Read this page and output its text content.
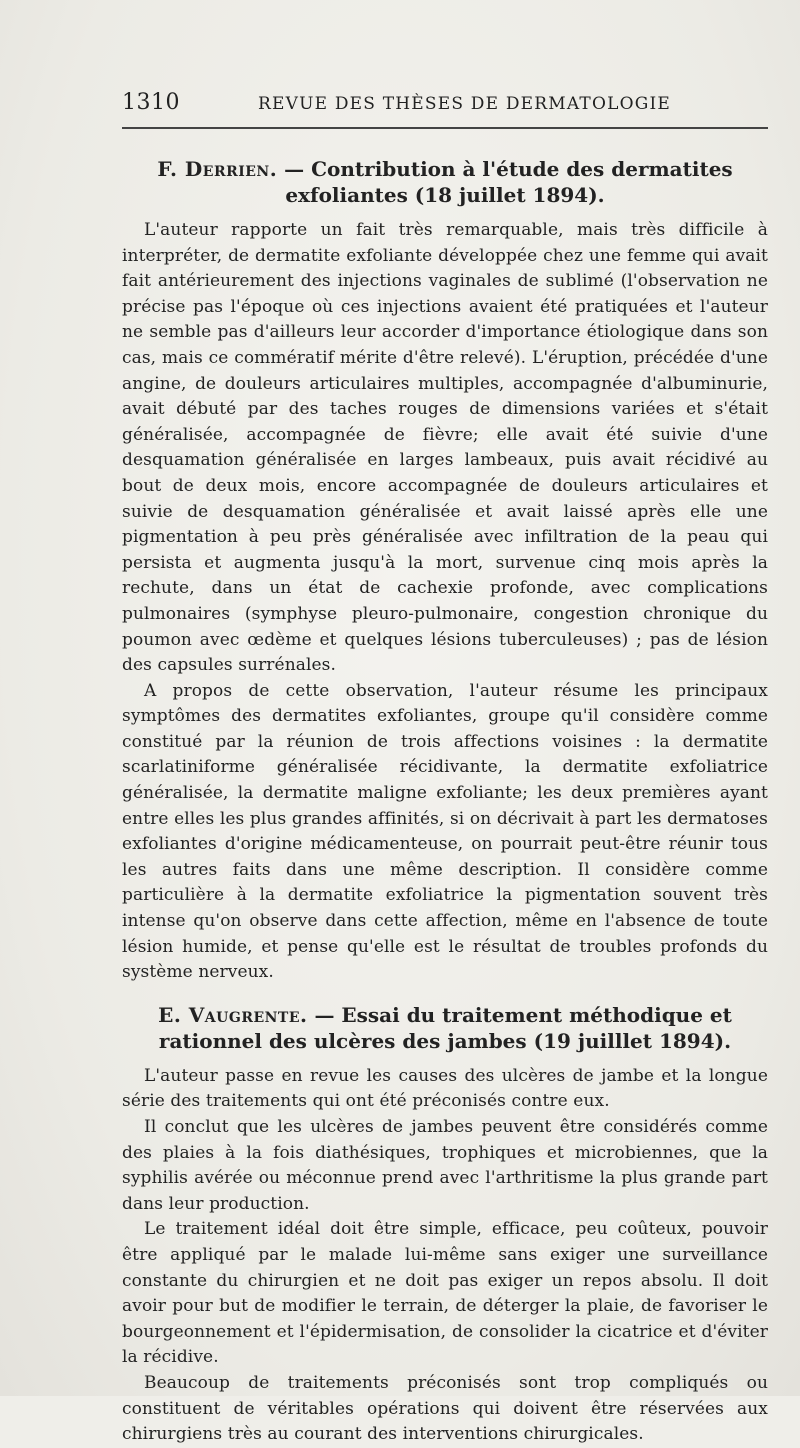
1310	REVUE DES THÈSES DE DERMATOLOGIE
F. Derrien. — Contribution à l'étude des dermatites exfoliantes (18 juillet 1894).

L'auteur rapporte un fait très remarquable, mais très difficile à interpréter, de dermatite exfoliante développée chez une femme qui avait fait antérieurement des injections vaginales de sublimé (l'observation ne précise pas l'époque où ces injections avaient été pratiquées et l'auteur ne semble pas d'ailleurs leur accorder d'importance étiologique dans son cas, mais ce commératif mérite d'être relevé). L'éruption, précédée d'une angine, de douleurs articulaires multiples, accompagnée d'albuminurie, avait débuté par des taches rouges de dimensions variées et s'était généralisée, accompagnée de fièvre; elle avait été suivie d'une desquamation généralisée en larges lambeaux, puis avait récidivé au bout de deux mois, encore accompagnée de douleurs articulaires et suivie de desquamation généralisée et avait laissé après elle une pigmentation à peu près généralisée avec infiltration de la peau qui persista et augmenta jusqu'à la mort, survenue cinq mois après la rechute, dans un état de cachexie profonde, avec complications pulmonaires (symphyse pleuro-pulmonaire, congestion chronique du poumon avec œdème et quelques lésions tuberculeuses) ; pas de lésion des capsules surrénales.

A propos de cette observation, l'auteur résume les principaux symptômes des dermatites exfoliantes, groupe qu'il considère comme constitué par la réunion de trois affections voisines : la dermatite scarlatiniforme généralisée récidivante, la dermatite exfoliatrice généralisée, la dermatite maligne exfoliante; les deux premières ayant entre elles les plus grandes affinités, si on décrivait à part les dermatoses exfoliantes d'origine médicamenteuse, on pourrait peut-être réunir tous les autres faits dans une même description. Il considère comme particulière à la dermatite exfoliatrice la pigmentation souvent très intense qu'on observe dans cette affection, même en l'absence de toute lésion humide, et pense qu'elle est le résultat de troubles profonds du système nerveux.

E. Vaugrente. — Essai du traitement méthodique et rationnel des ulcères des jambes (19 juilllet 1894).

L'auteur passe en revue les causes des ulcères de jambe et la longue série des traitements qui ont été préconisés contre eux.

Il conclut que les ulcères de jambes peuvent être considérés comme des plaies à la fois diathésiques, trophiques et microbiennes, que la syphilis avérée ou méconnue prend avec l'arthritisme la plus grande part dans leur production.

Le traitement idéal doit être simple, efficace, peu coûteux, pouvoir être appliqué par le malade lui-même sans exiger une surveillance constante du chirurgien et ne doit pas exiger un repos absolu. Il doit avoir pour but de modifier le terrain, de déterger la plaie, de favoriser le bourgeonnement et l'épidermisation, de consolider la cicatrice et d'éviter la récidive.

Beaucoup de traitements préconisés sont trop compliqués ou constituent de véritables opérations qui doivent être réservées aux chirurgiens très au courant des interventions chirurgicales.
